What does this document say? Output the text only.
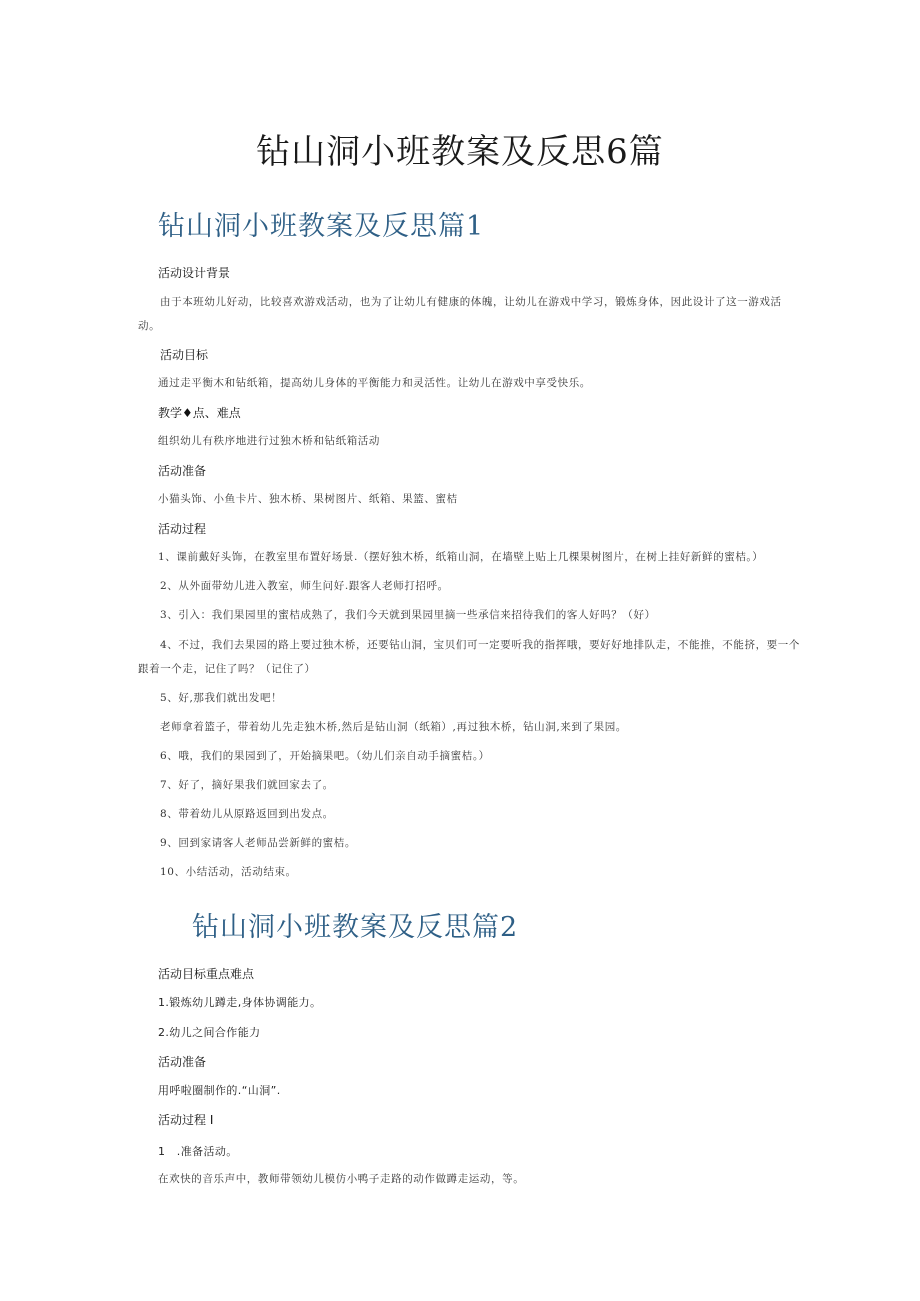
钻山洞小班教案及反思6篇
钻山洞小班教案及反思篇1
活动设计背景
由于本班幼儿好动，比较喜欢游戏活动，也为了让幼儿有健康的体魄，让幼儿在游戏中学习，锻炼身体，因此设计了这一游戏活
动。
活动目标
通过走平衡木和钻纸箱，提高幼儿身体的平衡能力和灵活性。让幼儿在游戏中享受快乐。
教学♦点、难点
组织幼儿有秩序地进行过独木桥和钻纸箱活动
活动准备
小猫头饰、小鱼卡片、独木桥、果树图片、纸箱、果篮、蜜桔
活动过程
1、课前戴好头饰，在教室里布置好场景.（摆好独木桥，纸箱山洞，在墙壁上贴上几棵果树图片，在树上挂好新鲜的蜜桔。）
2、从外面带幼儿进入教室，师生问好.跟客人老师打招呼。
3、引入：我们果园里的蜜桔成熟了，我们今天就到果园里摘一些承信来招待我们的客人好吗？（好）
4、不过，我们去果园的路上要过独木桥，还要钻山洞，宝贝们可一定要听我的指挥哦，要好好地排队走，不能推，不能挤，要一个
跟着一个走，记住了吗？（记住了）
5、好,那我们就出发吧！
老师拿着篮子，带着幼儿先走独木桥,然后是钻山洞（纸箱）,再过独木桥，钻山洞,来到了果园。
6、哦，我们的果园到了，开始摘果吧。（幼儿们亲自动手摘蜜桔。）
7、好了，摘好果我们就回家去了。
8、带着幼儿从原路返回到出发点。
9、回到家请客人老师品尝新鲜的蜜桔。
10、小结活动，活动结束。
钻山洞小班教案及反思篇2
活动目标重点难点
1.锻炼幼儿蹲走,身体协调能力。
2.幼儿之间合作能力
活动准备
用呼啦圈制作的.“山洞”.
活动过程 I
1　.准备活动。
在欢快的音乐声中，教师带领幼儿模仿小鸭子走路的动作做蹲走运动，等。
